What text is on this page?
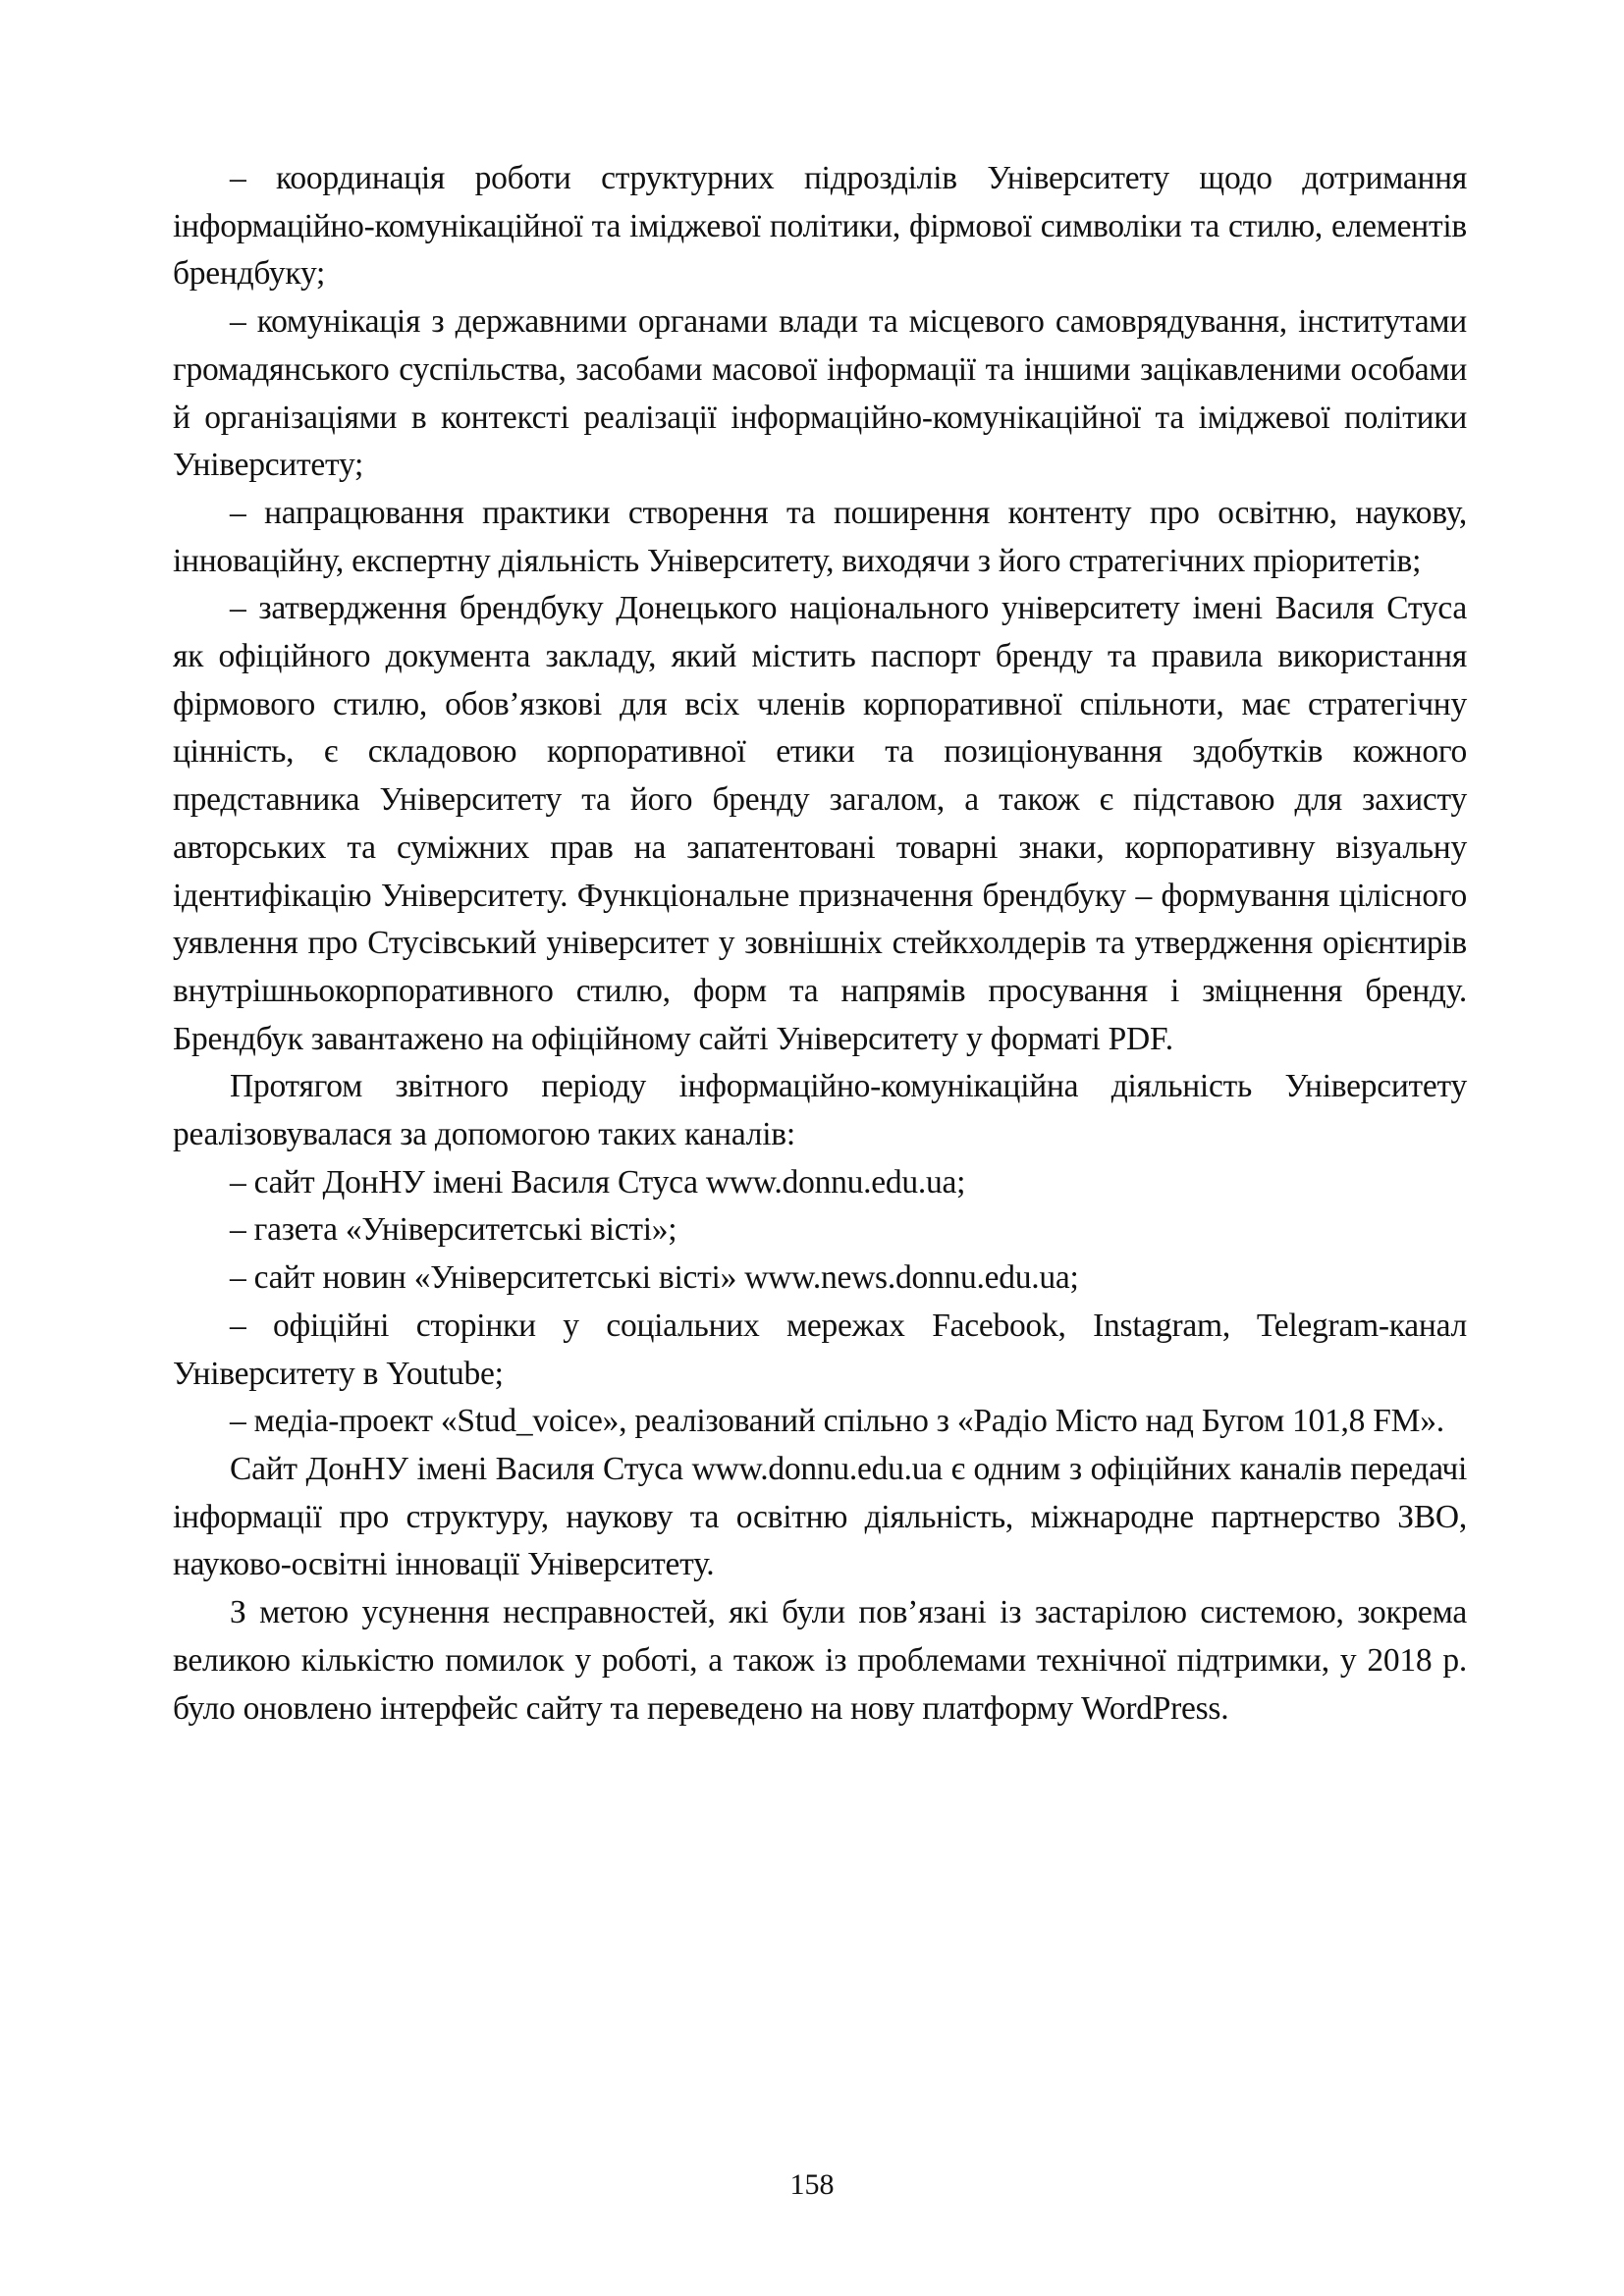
– координація роботи структурних підрозділів Університету щодо дотримання інформаційно-комунікаційної та іміджевої політики, фірмової символіки та стилю, елементів брендбуку;

– комунікація з державними органами влади та місцевого самоврядування, інститутами громадянського суспільства, засобами масової інформації та іншими зацікавленими особами й організаціями в контексті реалізації інформаційно-комунікаційної та іміджевої політики Університету;

– напрацювання практики створення та поширення контенту про освітню, наукову, інноваційну, експертну діяльність Університету, виходячи з його стратегічних пріоритетів;

– затвердження брендбуку Донецького національного університету імені Василя Стуса як офіційного документа закладу, який містить паспорт бренду та правила використання фірмового стилю, обов’язкові для всіх членів корпоративної спільноти, має стратегічну цінність, є складовою корпоративної етики та позиціонування здобутків кожного представника Університету та його бренду загалом, а також є підставою для захисту авторських та суміжних прав на запатентовані товарні знаки, корпоративну візуальну ідентифікацію Університету. Функціональне призначення брендбуку – формування цілісного уявлення про Стусівський університет у зовнішніх стейкхолдерів та утвердження орієнтирів внутрішньокорпоративного стилю, форм та напрямів просування і зміцнення бренду. Брендбук завантажено на офіційному сайті Університету у форматі PDF.

Протягом звітного періоду інформаційно-комунікаційна діяльність Університету реалізовувалася за допомогою таких каналів:

– сайт ДонНУ імені Василя Стуса www.donnu.edu.ua;

– газета «Університетські вісті»;

– сайт новин «Університетські вісті» www.news.donnu.edu.ua;

– офіційні сторінки у соціальних мережах Facebook, Instagram, Telegram-канал Університету в Youtube;

– медіа-проект «Stud_voice», реалізований спільно з «Радіо Місто над Бугом 101,8 FM».

Сайт ДонНУ імені Василя Стуса www.donnu.edu.ua є одним з офіційних каналів передачі інформації про структуру, наукову та освітню діяльність, міжнародне партнерство ЗВО, науково-освітні інновації Університету.

З метою усунення несправностей, які були пов’язані із застарілою системою, зокрема великою кількістю помилок у роботі, а також із проблемами технічної підтримки, у 2018 р. було оновлено інтерфейс сайту та переведено на нову платформу WordPress.

158
